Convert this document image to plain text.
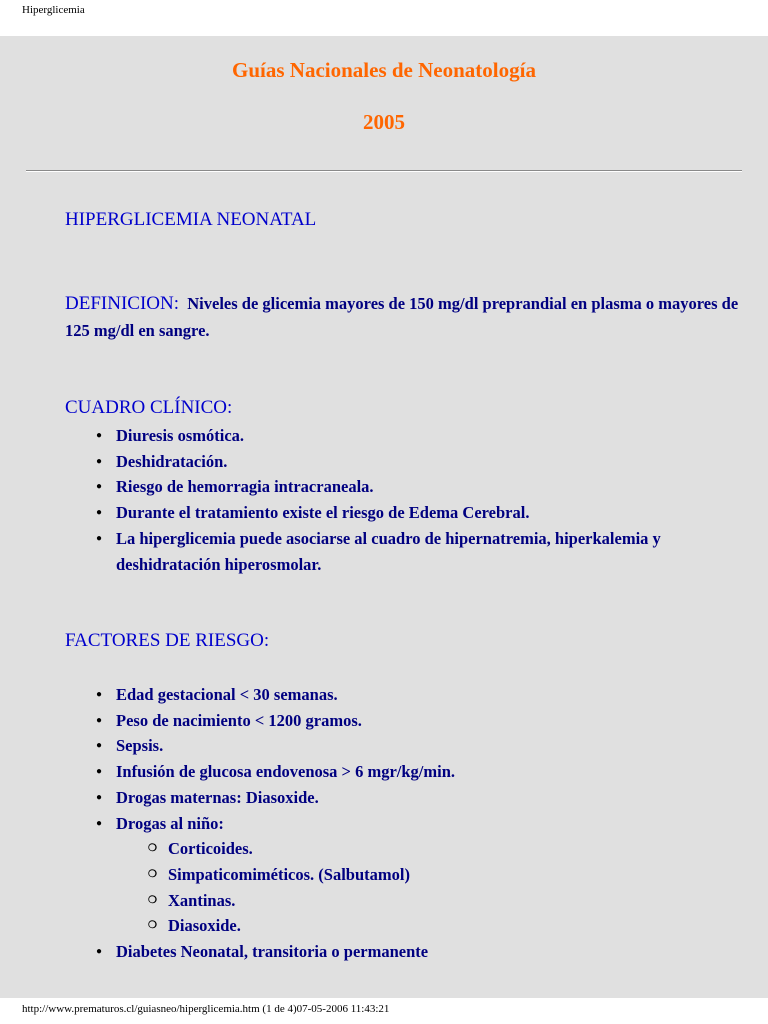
Hiperglicemia
Guías Nacionales de Neonatología
2005
HIPERGLICEMIA NEONATAL
DEFINICION: Niveles de glicemia mayores de 150 mg/dl preprandial en plasma o mayores de 125 mg/dl en sangre.
CUADRO CLÍNICO:
● Diuresis osmótica.
● Deshidratación.
● Riesgo de hemorragia intracraneala.
● Durante el tratamiento existe el riesgo de Edema Cerebral.
● La hiperglicemia puede asociarse al cuadro de hipernatremia, hiperkalemia y deshidratación hiperosmolar.
FACTORES DE RIESGO:
● Edad gestacional < 30 semanas.
● Peso de nacimiento < 1200 gramos.
● Sepsis.
● Infusión de glucosa endovenosa > 6 mgr/kg/min.
● Drogas maternas: Diasoxide.
● Drogas al niño:
❍ Corticoides.
❍ Simpaticomiméticos. (Salbutamol)
❍ Xantinas.
❍ Diasoxide.
● Diabetes Neonatal, transitoria o permanente
http://www.prematuros.cl/guiasneo/hiperglicemia.htm (1 de 4)07-05-2006 11:43:21
